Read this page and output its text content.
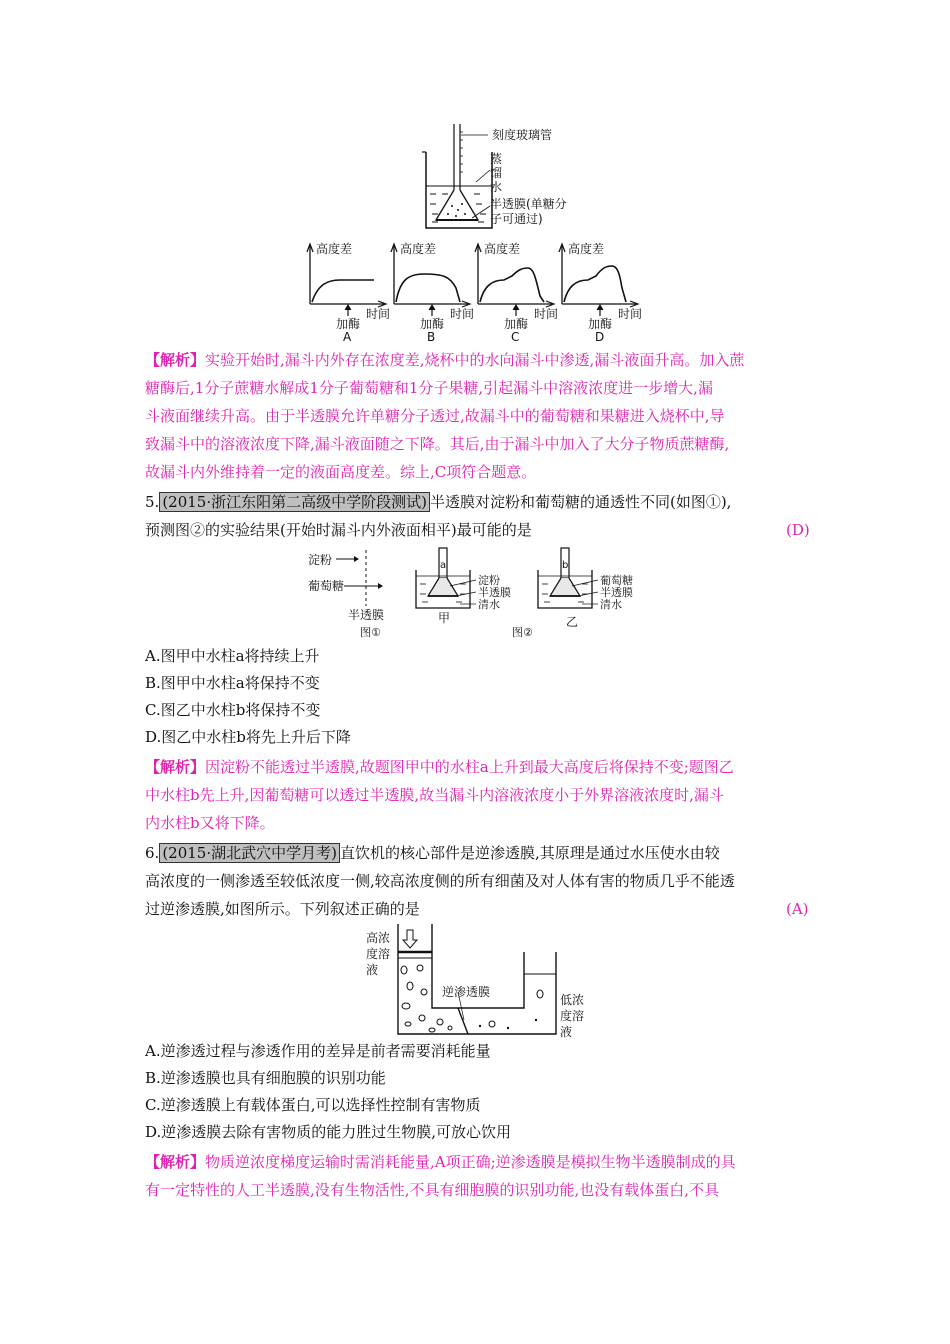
刻度玻璃管
蒸
馏
水
半透膜(单糖分
子可通过)
高度差
加酶
时间
A
高度差
加酶
时间
B
高度差
加酶
时间
C
高度差
加酶
时间
D
【解析】实验开始时,漏斗内外存在浓度差,烧杯中的水向漏斗中渗透,漏斗液面升高。加入蔗
糖酶后,1分子蔗糖水解成1分子葡萄糖和1分子果糖,引起漏斗中溶液浓度进一步增大,漏
斗液面继续升高。由于半透膜允许单糖分子透过,故漏斗中的葡萄糖和果糖进入烧杯中,导
致漏斗中的溶液浓度下降,漏斗液面随之下降。其后,由于漏斗中加入了大分子物质蔗糖酶,
故漏斗内外维持着一定的液面高度差。综上,C项符合题意。
5. (2015·浙江东阳第二高级中学阶段测试) 半透膜对淀粉和葡萄糖的通透性不同(如图①),
预测图②的实验结果(开始时漏斗内外液面相平)最可能的是	(D)
淀粉
葡萄糖
半透膜
图①
a
淀粉
半透膜
清水
甲
b
葡萄糖
半透膜
清水
乙
图②
A.图甲中水柱a将持续上升
B.图甲中水柱a将保持不变
C.图乙中水柱b将保持不变
D.图乙中水柱b将先上升后下降
【解析】因淀粉不能透过半透膜,故题图甲中的水柱a上升到最大高度后将保持不变;题图乙
中水柱b先上升,因葡萄糖可以透过半透膜,故当漏斗内溶液浓度小于外界溶液浓度时,漏斗
内水柱b又将下降。
6. (2015·湖北武穴中学月考) 直饮机的核心部件是逆渗透膜,其原理是通过水压使水由较
高浓度的一侧渗透至较低浓度一侧,较高浓度侧的所有细菌及对人体有害的物质几乎不能透
过逆渗透膜,如图所示。下列叙述正确的是	(A)
高浓
度溶
液
逆渗透膜
低浓
度溶
液
A.逆渗透过程与渗透作用的差异是前者需要消耗能量
B.逆渗透膜也具有细胞膜的识别功能
C.逆渗透膜上有载体蛋白,可以选择性控制有害物质
D.逆渗透膜去除有害物质的能力胜过生物膜,可放心饮用
【解析】物质逆浓度梯度运输时需消耗能量,A项正确;逆渗透膜是模拟生物半透膜制成的具
有一定特性的人工半透膜,没有生物活性,不具有细胞膜的识别功能,也没有载体蛋白,不具
